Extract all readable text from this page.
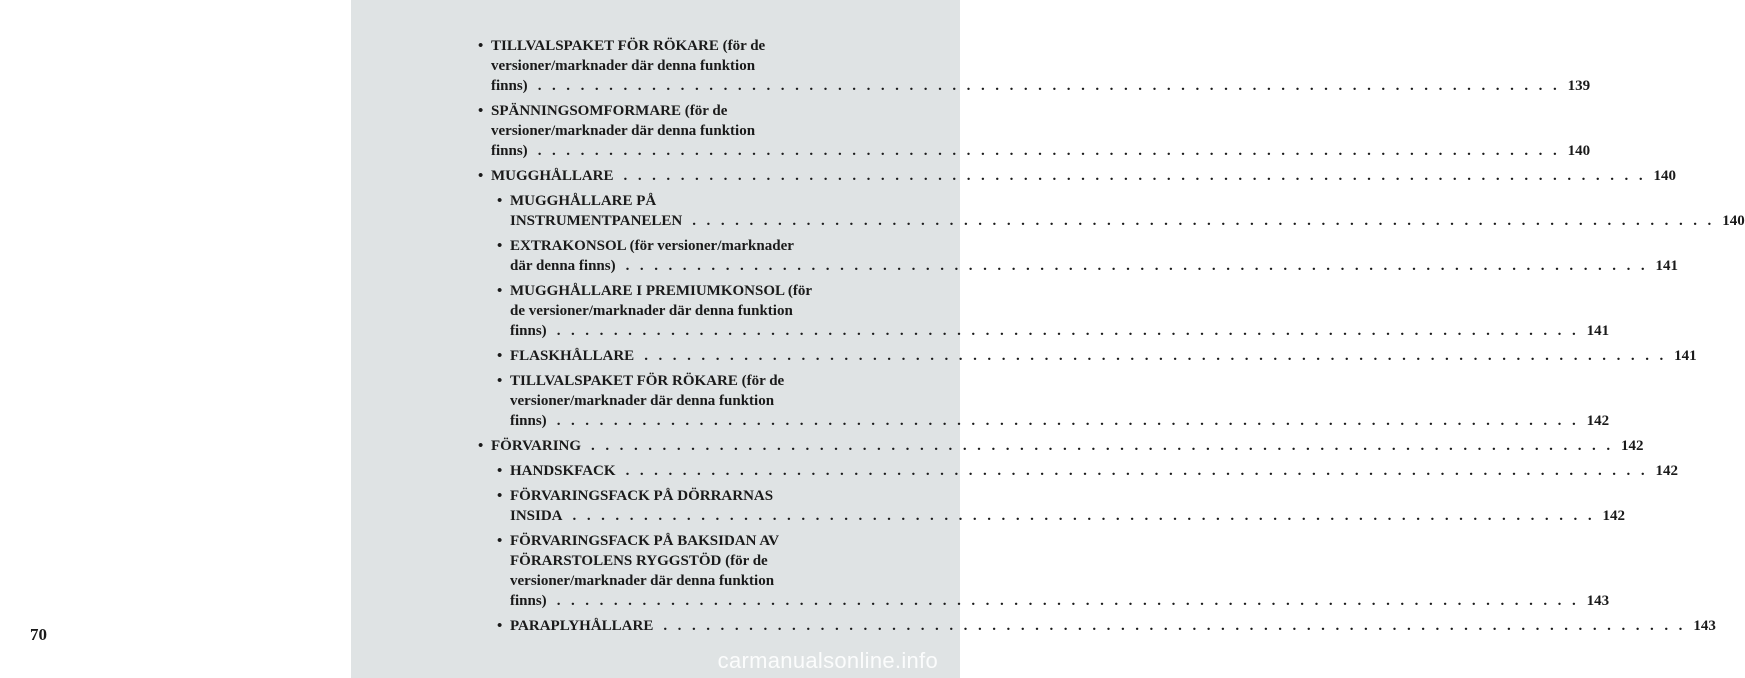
70
• TILLVALSPAKET FÖR RÖKARE (för de
versioner/marknader där denna funktion
finns) . . .	139
• SPÄNNINGSOMFORMARE (för de
versioner/marknader där denna funktion
finns) . . .	140
• MUGGHÅLLARE . . .	140
• MUGGHÅLLARE PÅ
INSTRUMENTPANELEN . . .	140
• EXTRAKONSOL (för versioner/marknader
där denna finns) . . .	141
• MUGGHÅLLARE I PREMIUMKONSOL (för
de versioner/marknader där denna funktion
finns) . . .	141
• FLASKHÅLLARE . . .	141
• TILLVALSPAKET FÖR RÖKARE (för de
versioner/marknader där denna funktion
finns) . . .	142
• FÖRVARING . . .	142
• HANDSKFACK . . .	142
• FÖRVARINGSFACK PÅ DÖRRARNAS
INSIDA . . .	142
• FÖRVARINGSFACK PÅ BAKSIDAN AV
FÖRARSTOLENS RYGGSTÖD (för de
versioner/marknader där denna funktion
finns) . . .	143
• PARAPLYHÅLLARE . . .	143
carmanualsonline.info
